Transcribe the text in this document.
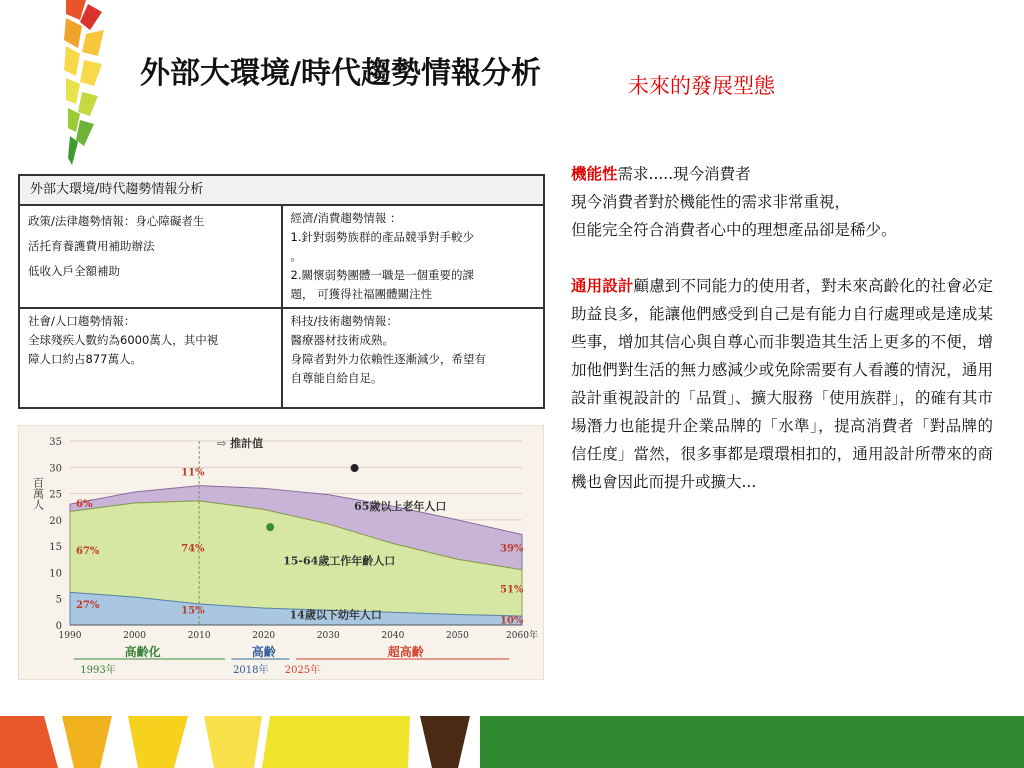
外部大環境/時代趨勢情報分析	未來的發展型態
外部大環境/時代趨勢情報分析	

政策/法律趨勢情報：身心障礙者生
活托育養護費用補助辦法
低收入戶全額補助	經濟/消費趨勢情報 ：
1.針對弱勢族群的產品競爭對手較少
。
2.關懷弱勢團體一職是一個重要的課
題， 可獲得社福團體關注性

社會/人口趨勢情報：
全球殘疾人數約為6000萬人，其中視
障人口約占877萬人。	科技/技術趨勢情報：
醫療器材技術成熟。
身障者對外力依賴性逐漸減少，希望有
自尊能自給自足。
0
5
10
15
20
25
30
35
百萬人
⇨ 推計值
65歲以上老年人口
15-64歲工作年齡人口
14歲以下幼年人口
6%
67%
27%
11%
74%
15%
39%
51%
10%
1990	2000	2010	2020	2030	2040	2050	2060年
高齡化
1993年
高齡
2018年
超高齡
2025年

機能性需求.....現今消費者

現今消費者對於機能性的需求非常重視，

但能完全符合消費者心中的理想產品卻是稀少。

通用設計顧慮到不同能力的使用者，對未來高齡化的社會必定助益良多，能讓他們感受到自己是有能力自行處理或是達成某些事，增加其信心與自尊心而非製造其生活上更多的不便，增加他們對生活的無力感減少或免除需要有人看護的情況，通用設計重視設計的「品質」、擴大服務「使用族群」，的確有其市場潛力也能提升企業品牌的「水準」，提高消費者「對品牌的信任度」當然，很多事都是環環相扣的，通用設計所帶來的商機也會因此而提升或擴大...
